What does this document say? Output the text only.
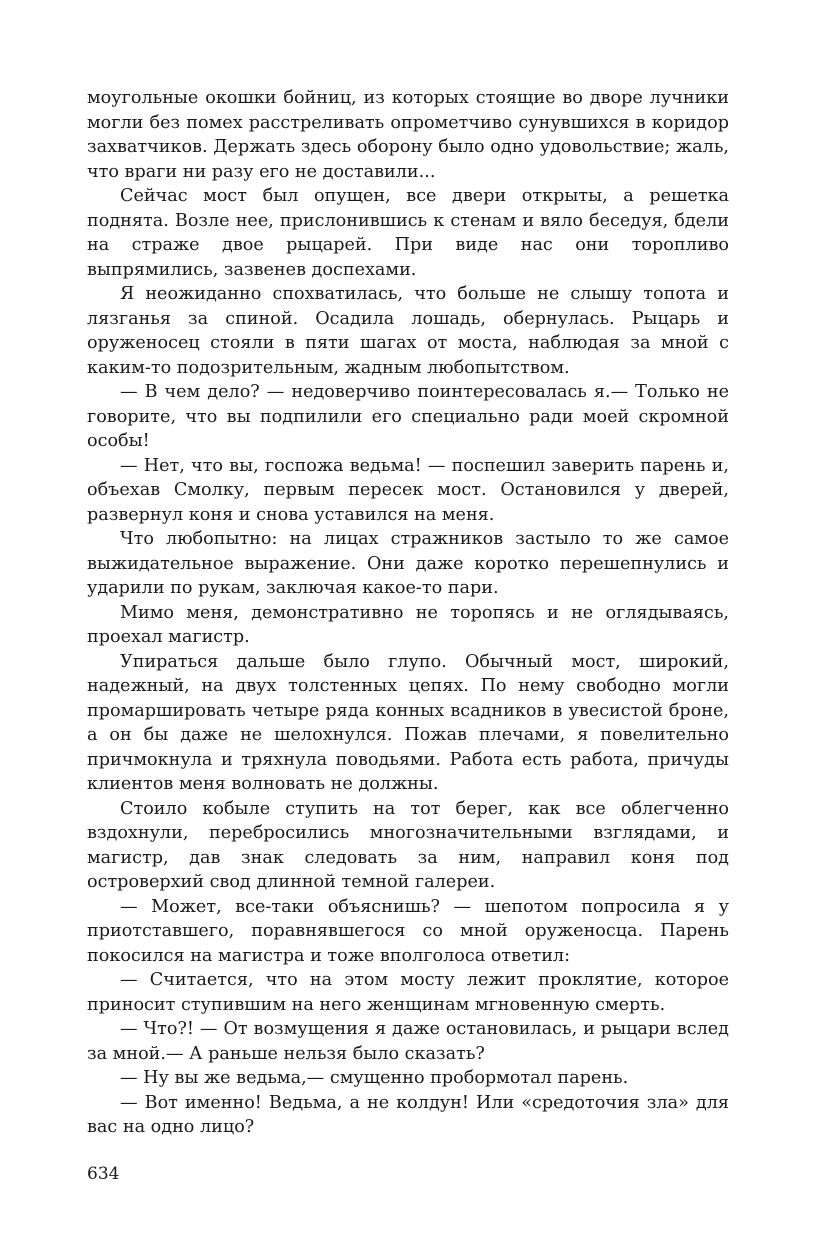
моугольные окошки бойниц, из которых стоящие во дворе лучники могли без помех расстреливать опрометчиво сунувшихся в коридор захватчиков. Держать здесь оборону было одно удовольствие; жаль, что враги ни разу его не доставили...

Сейчас мост был опущен, все двери открыты, а решетка поднята. Возле нее, прислонившись к стенам и вяло беседуя, бдели на страже двое рыцарей. При виде нас они торопливо выпрямились, зазвенев доспехами.

Я неожиданно спохватилась, что больше не слышу топота и лязганья за спиной. Осадила лошадь, обернулась. Рыцарь и оруженосец стояли в пяти шагах от моста, наблюдая за мной с каким-то подозрительным, жадным любопытством.

— В чем дело? — недоверчиво поинтересовалась я.— Только не говорите, что вы подпилили его специально ради моей скромной особы!

— Нет, что вы, госпожа ведьма! — поспешил заверить парень и, объехав Смолку, первым пересек мост. Остановился у дверей, развернул коня и снова уставился на меня.

Что любопытно: на лицах стражников застыло то же самое выжидательное выражение. Они даже коротко перешепнулись и ударили по рукам, заключая какое-то пари.

Мимо меня, демонстративно не торопясь и не оглядываясь, проехал магистр.

Упираться дальше было глупо. Обычный мост, широкий, надежный, на двух толстенных цепях. По нему свободно могли промаршировать четыре ряда конных всадников в увесистой броне, а он бы даже не шелохнулся. Пожав плечами, я повелительно причмокнула и тряхнула поводьями. Работа есть работа, причуды клиентов меня волновать не должны.

Стоило кобыле ступить на тот берег, как все облегченно вздохнули, перебросились многозначительными взглядами, и магистр, дав знак следовать за ним, направил коня под островерхий свод длинной темной галереи.

— Может, все-таки объяснишь? — шепотом попросила я у приотставшего, поравнявшегося со мной оруженосца. Парень покосился на магистра и тоже вполголоса ответил:

— Считается, что на этом мосту лежит проклятие, которое приносит ступившим на него женщинам мгновенную смерть.

— Что?! — От возмущения я даже остановилась, и рыцари вслед за мной.— А раньше нельзя было сказать?

— Ну вы же ведьма,— смущенно пробормотал парень.

— Вот именно! Ведьма, а не колдун! Или «средоточия зла» для вас на одно лицо?

634
